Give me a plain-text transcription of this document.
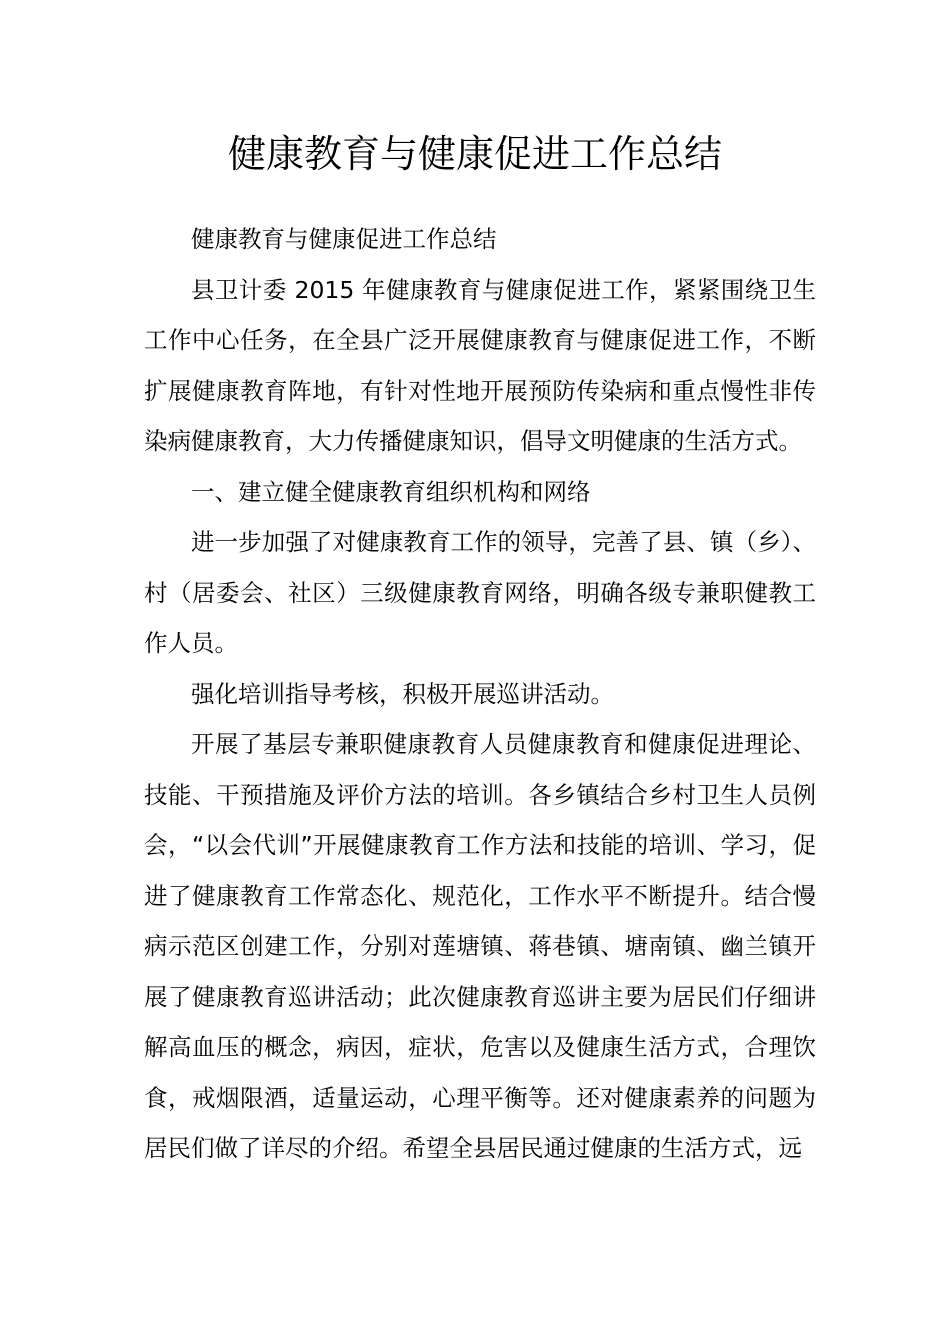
健康教育与健康促进工作总结

健康教育与健康促进工作总结

县卫计委 2015 年健康教育与健康促进工作，紧紧围绕卫生工作中心任务，在全县广泛开展健康教育与健康促进工作，不断扩展健康教育阵地，有针对性地开展预防传染病和重点慢性非传染病健康教育，大力传播健康知识，倡导文明健康的生活方式。

一、建立健全健康教育组织机构和网络

进一步加强了对健康教育工作的领导，完善了县、镇（乡）、村（居委会、社区）三级健康教育网络，明确各级专兼职健教工作人员。

强化培训指导考核，积极开展巡讲活动。

开展了基层专兼职健康教育人员健康教育和健康促进理论、技能、干预措施及评价方法的培训。各乡镇结合乡村卫生人员例会，“以会代训”开展健康教育工作方法和技能的培训、学习，促进了健康教育工作常态化、规范化，工作水平不断提升。结合慢病示范区创建工作，分别对莲塘镇、蒋巷镇、塘南镇、幽兰镇开展了健康教育巡讲活动；此次健康教育巡讲主要为居民们仔细讲解高血压的概念，病因，症状，危害以及健康生活方式，合理饮食，戒烟限酒，适量运动，心理平衡等。还对健康素养的问题为居民们做了详尽的介绍。希望全县居民通过健康的生活方式，远
